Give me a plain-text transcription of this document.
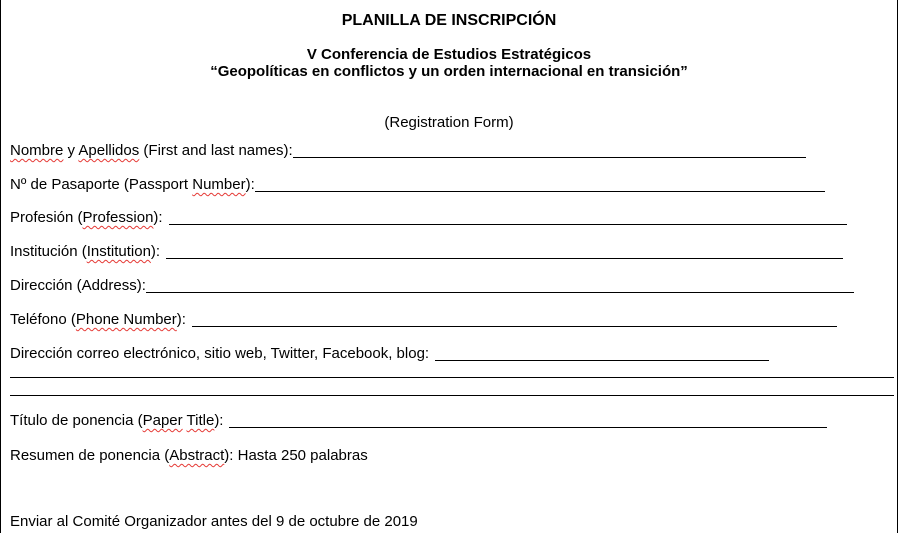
PLANILLA DE INSCRIPCIÓN
V Conferencia de Estudios Estratégicos
“Geopolíticas en conflictos y un orden internacional en transición”
(Registration Form)
Nombre y Apellidos (First and last names):
Nº de Pasaporte (Passport Number):
Profesión (Profession):
Institución (Institution):
Dirección (Address):
Teléfono (Phone Number):
Dirección correo electrónico, sitio web, Twitter, Facebook, blog:
Título de ponencia (Paper Title):
Resumen de ponencia (Abstract): Hasta 250 palabras
Enviar al Comité Organizador antes del 9 de octubre de 2019
